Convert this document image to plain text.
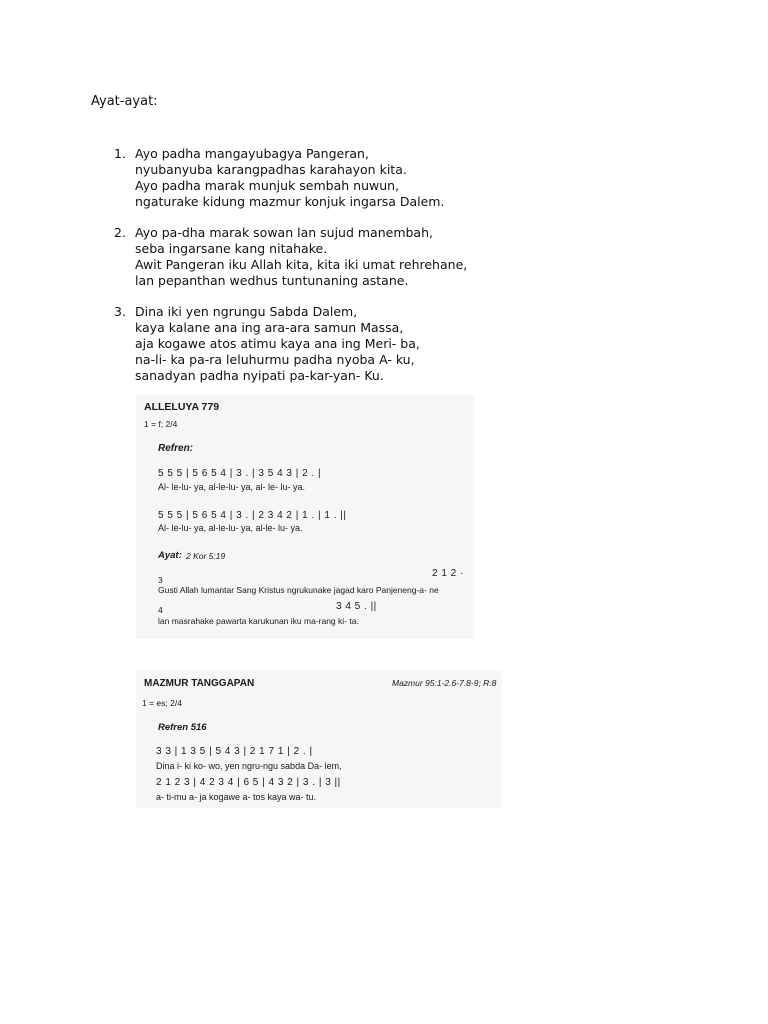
Ayat-ayat:
1. Ayo padha mangayubagya Pangeran,
nyubanyuba karangpadhas karahayon kita.
Ayo padha marak munjuk sembah nuwun,
ngaturake kidung mazmur konjuk ingarsa Dalem.
2. Ayo pa-dha marak sowan lan sujud manembah,
seba ingarsane kang nitahake.
Awit Pangeran iku Allah kita, kita iki umat rehrehane,
lan pepanthan wedhus tuntunaning astane.
3. Dina iki yen ngrungu Sabda Dalem,
kaya kalane ana ing ara-ara samun Massa,
aja kogawe atos atimu kaya ana ing Meri- ba,
na-li- ka pa-ra leluhurmu padha nyoba A- ku,
sanadyan padha nyipati pa-kar-yan- Ku.
ALLELUYA 779
1 = f; 2/4
Refren:
5 5 5 | 5 6 5 4 | 3 . | 3 5 4 3 | 2 . |
Al- le-lu- ya, al-le-lu- ya, al- le- lu- ya.
5 5 5 | 5 6 5 4 | 3 . | 2 3 4 2 | 1 . | 1 . ||
Al- le-lu- ya, al-le-lu- ya, al-le- lu- ya.
Ayat: 2 Kor 5:19
2 1 2 ·
3
Gusti Allah lumantar Sang Kristus ngrukunake jagad karo Panjeneng-a- ne
3 4 5 . ||
4
lan masrahake pawarta karukunan iku ma-rang ki- ta.
MAZMUR TANGGAPAN	Mazmur 95:1-2.6-7.8-9; R:8
1 = es; 2/4
Refren 516
3 3 | 1 3 5 | 5 4 3 | 2 1 7 1 | 2 . |
Dina i- ki ko- wo, yen ngru-ngu sabda Da- lem,
2 1 2 3 | 4 2 3 4 | 6 5 | 4 3 2 | 3 . | 3 ||
a- ti-mu a- ja kogawe a- tos kaya wa- tu.
